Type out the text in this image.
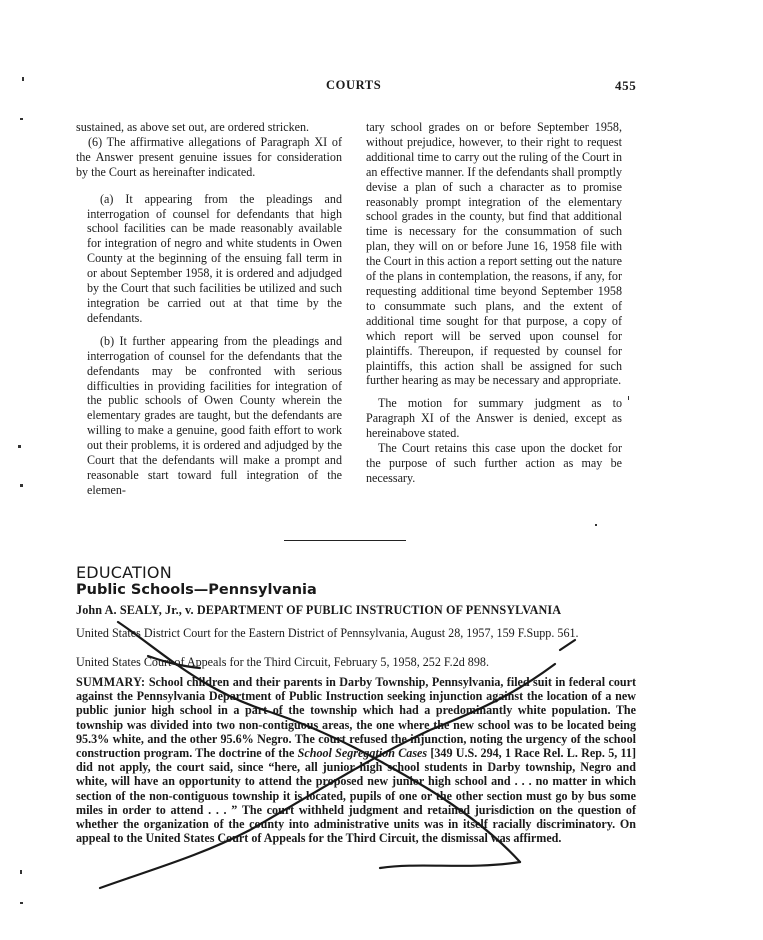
COURTS	455

sustained, as above set out, are ordered stricken.

(6) The affirmative allegations of Paragraph XI of the Answer present genuine issues for consideration by the Court as hereinafter indicated.

(a) It appearing from the pleadings and interrogation of counsel for defendants that high school facilities can be made reasonably available for integration of negro and white students in Owen County at the beginning of the ensuing fall term in or about September 1958, it is ordered and adjudged by the Court that such facilities be utilized and such integration be carried out at that time by the defendants.

(b) It further appearing from the pleadings and interrogation of counsel for the defendants that the defendants may be confronted with serious difficulties in providing facilities for integration of the public schools of Owen County wherein the elementary grades are taught, but the defendants are willing to make a genuine, good faith effort to work out their problems, it is ordered and adjudged by the Court that the defendants will make a prompt and reasonable start toward full integration of the elemen-

tary school grades on or before September 1958, without prejudice, however, to their right to request additional time to carry out the ruling of the Court in an effective manner. If the defendants shall promptly devise a plan of such a character as to promise reasonably prompt integration of the elementary school grades in the county, but find that additional time is necessary for the consummation of such plan, they will on or before June 16, 1958 file with the Court in this action a report setting out the nature of the plans in contemplation, the reasons, if any, for requesting additional time beyond September 1958 to consummate such plans, and the extent of additional time sought for that purpose, a copy of which report will be served upon counsel for plaintiffs. Thereupon, if requested by counsel for plaintiffs, this action shall be assigned for such further hearing as may be necessary and appropriate.

The motion for summary judgment as to Paragraph XI of the Answer is denied, except as hereinabove stated.

The Court retains this case upon the docket for the purpose of such further action as may be necessary.

EDUCATION
Public Schools—Pennsylvania
John A. SEALY, Jr., v. DEPARTMENT OF PUBLIC INSTRUCTION OF PENNSYLVANIA
United States District Court for the Eastern District of Pennsylvania, August 28, 1957, 159 F.Supp. 561.
United States Court of Appeals for the Third Circuit, February 5, 1958, 252 F.2d 898.
SUMMARY: School children and their parents in Darby Township, Pennsylvania, filed suit in federal court against the Pennsylvania Department of Public Instruction seeking injunction against the location of a new public junior high school in a part of the township which had a predominantly white population. The township was divided into two non-contiguous areas, the one where the new school was to be located being 95.3% white, and the other 95.6% Negro. The court refused the injunction, noting the urgency of the school construction program. The doctrine of the School Segregation Cases [349 U.S. 294, 1 Race Rel. L. Rep. 5, 11] did not apply, the court said, since “here, all junior high school students in Darby township, Negro and white, will have an opportunity to attend the proposed new junior high school and . . . no matter in which section of the non-contiguous township it is located, pupils of one or the other section must go by bus some miles in order to attend . . . ” The court withheld judgment and retained jurisdiction on the question of whether the organization of the county into administrative units was in itself racially discriminatory. On appeal to the United States Court of Appeals for the Third Circuit, the dismissal was affirmed.
